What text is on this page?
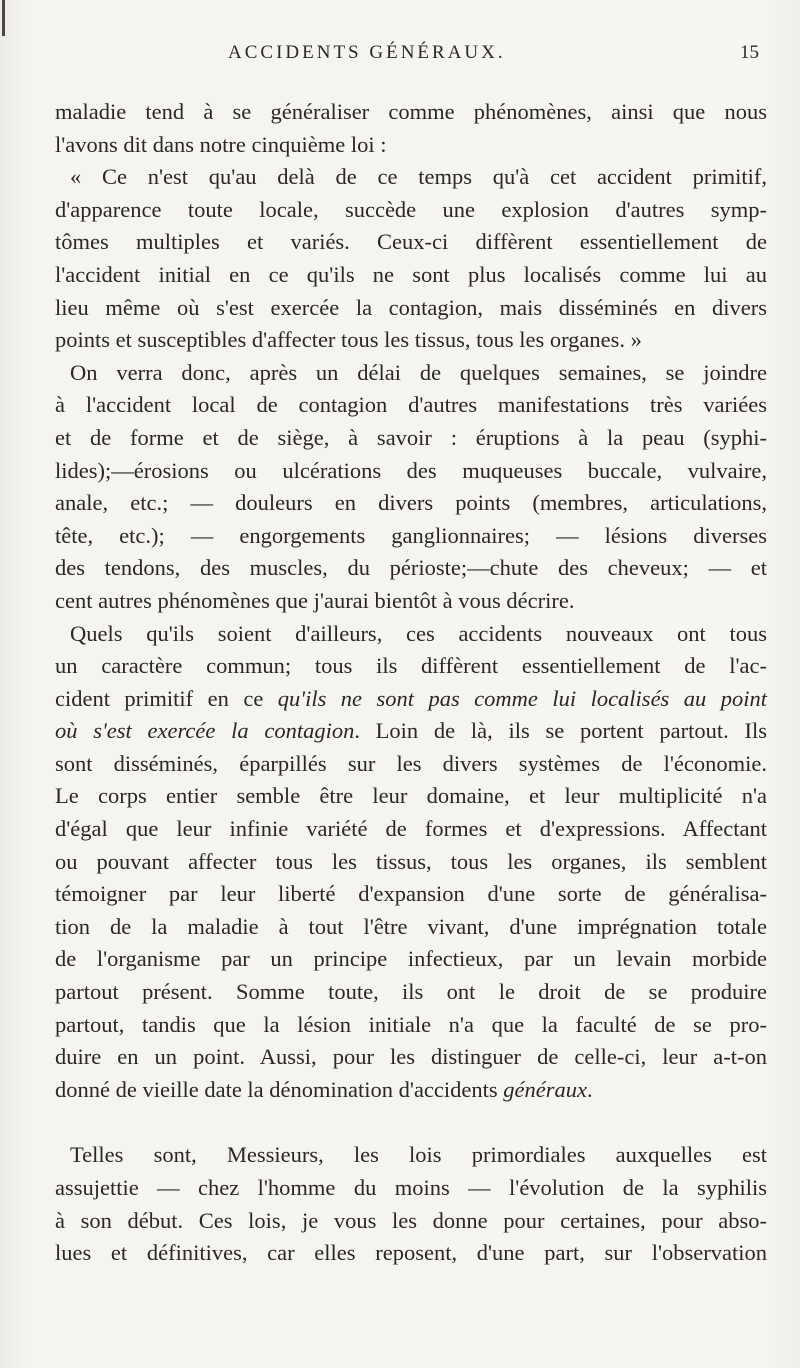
ACCIDENTS GÉNÉRAUX.	15

maladie tend à se généraliser comme phénomènes, ainsi que nous
l'avons dit dans notre cinquième loi :

« Ce n'est qu'au delà de ce temps qu'à cet accident primitif,
d'apparence toute locale, succède une explosion d'autres symp-
tômes multiples et variés. Ceux-ci diffèrent essentiellement de
l'accident initial en ce qu'ils ne sont plus localisés comme lui au
lieu même où s'est exercée la contagion, mais disséminés en divers
points et susceptibles d'affecter tous les tissus, tous les organes. »

On verra donc, après un délai de quelques semaines, se joindre
à l'accident local de contagion d'autres manifestations très variées
et de forme et de siège, à savoir : éruptions à la peau (syphi-
lides);—érosions ou ulcérations des muqueuses buccale, vulvaire,
anale, etc.; — douleurs en divers points (membres, articulations,
tête, etc.); — engorgements ganglionnaires; — lésions diverses
des tendons, des muscles, du périoste;—chute des cheveux; — et
cent autres phénomènes que j'aurai bientôt à vous décrire.

Quels qu'ils soient d'ailleurs, ces accidents nouveaux ont tous
un caractère commun; tous ils diffèrent essentiellement de l'ac-
cident primitif en ce qu'ils ne sont pas comme lui localisés au point
où s'est exercée la contagion. Loin de là, ils se portent partout. Ils
sont disséminés, éparpillés sur les divers systèmes de l'économie.
Le corps entier semble être leur domaine, et leur multiplicité n'a
d'égal que leur infinie variété de formes et d'expressions. Affectant
ou pouvant affecter tous les tissus, tous les organes, ils semblent
témoigner par leur liberté d'expansion d'une sorte de généralisa-
tion de la maladie à tout l'être vivant, d'une imprégnation totale
de l'organisme par un principe infectieux, par un levain morbide
partout présent. Somme toute, ils ont le droit de se produire
partout, tandis que la lésion initiale n'a que la faculté de se pro-
duire en un point. Aussi, pour les distinguer de celle-ci, leur a-t-on
donné de vieille date la dénomination d'accidents généraux.

Telles sont, Messieurs, les lois primordiales auxquelles est
assujettie — chez l'homme du moins — l'évolution de la syphilis
à son début. Ces lois, je vous les donne pour certaines, pour abso-
lues et définitives, car elles reposent, d'une part, sur l'observation
